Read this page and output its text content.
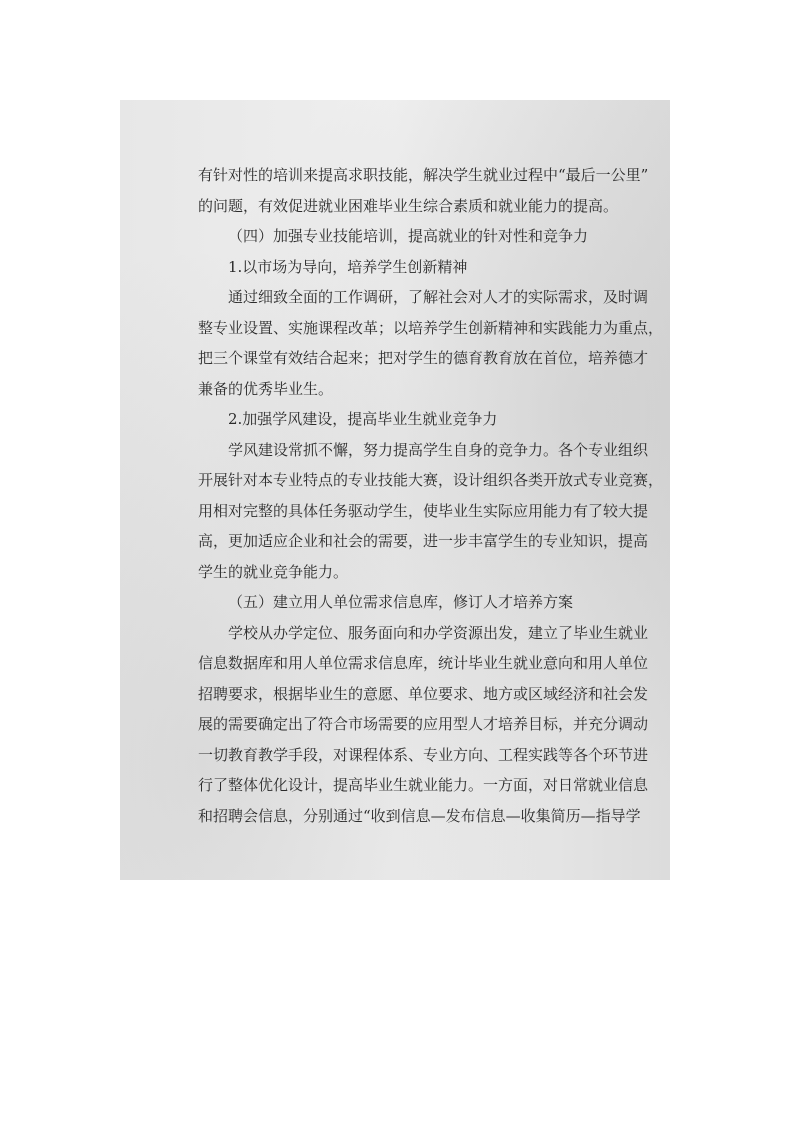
有针对性的培训来提高求职技能，解决学生就业过程中“最后一公里”
的问题，有效促进就业困难毕业生综合素质和就业能力的提高。
（四）加强专业技能培训，提高就业的针对性和竞争力
1.以市场为导向，培养学生创新精神
通过细致全面的工作调研，了解社会对人才的实际需求，及时调
整专业设置、实施课程改革；以培养学生创新精神和实践能力为重点，
把三个课堂有效结合起来；把对学生的德育教育放在首位，培养德才
兼备的优秀毕业生。
2.加强学风建设，提高毕业生就业竞争力
学风建设常抓不懈，努力提高学生自身的竞争力。各个专业组织
开展针对本专业特点的专业技能大赛，设计组织各类开放式专业竞赛，
用相对完整的具体任务驱动学生，使毕业生实际应用能力有了较大提
高，更加适应企业和社会的需要，进一步丰富学生的专业知识，提高
学生的就业竞争能力。
（五）建立用人单位需求信息库，修订人才培养方案
学校从办学定位、服务面向和办学资源出发，建立了毕业生就业
信息数据库和用人单位需求信息库，统计毕业生就业意向和用人单位
招聘要求，根据毕业生的意愿、单位要求、地方或区域经济和社会发
展的需要确定出了符合市场需要的应用型人才培养目标，并充分调动
一切教育教学手段，对课程体系、专业方向、工程实践等各个环节进
行了整体优化设计，提高毕业生就业能力。一方面，对日常就业信息
和招聘会信息，分别通过“收到信息—发布信息—收集简历—指导学
